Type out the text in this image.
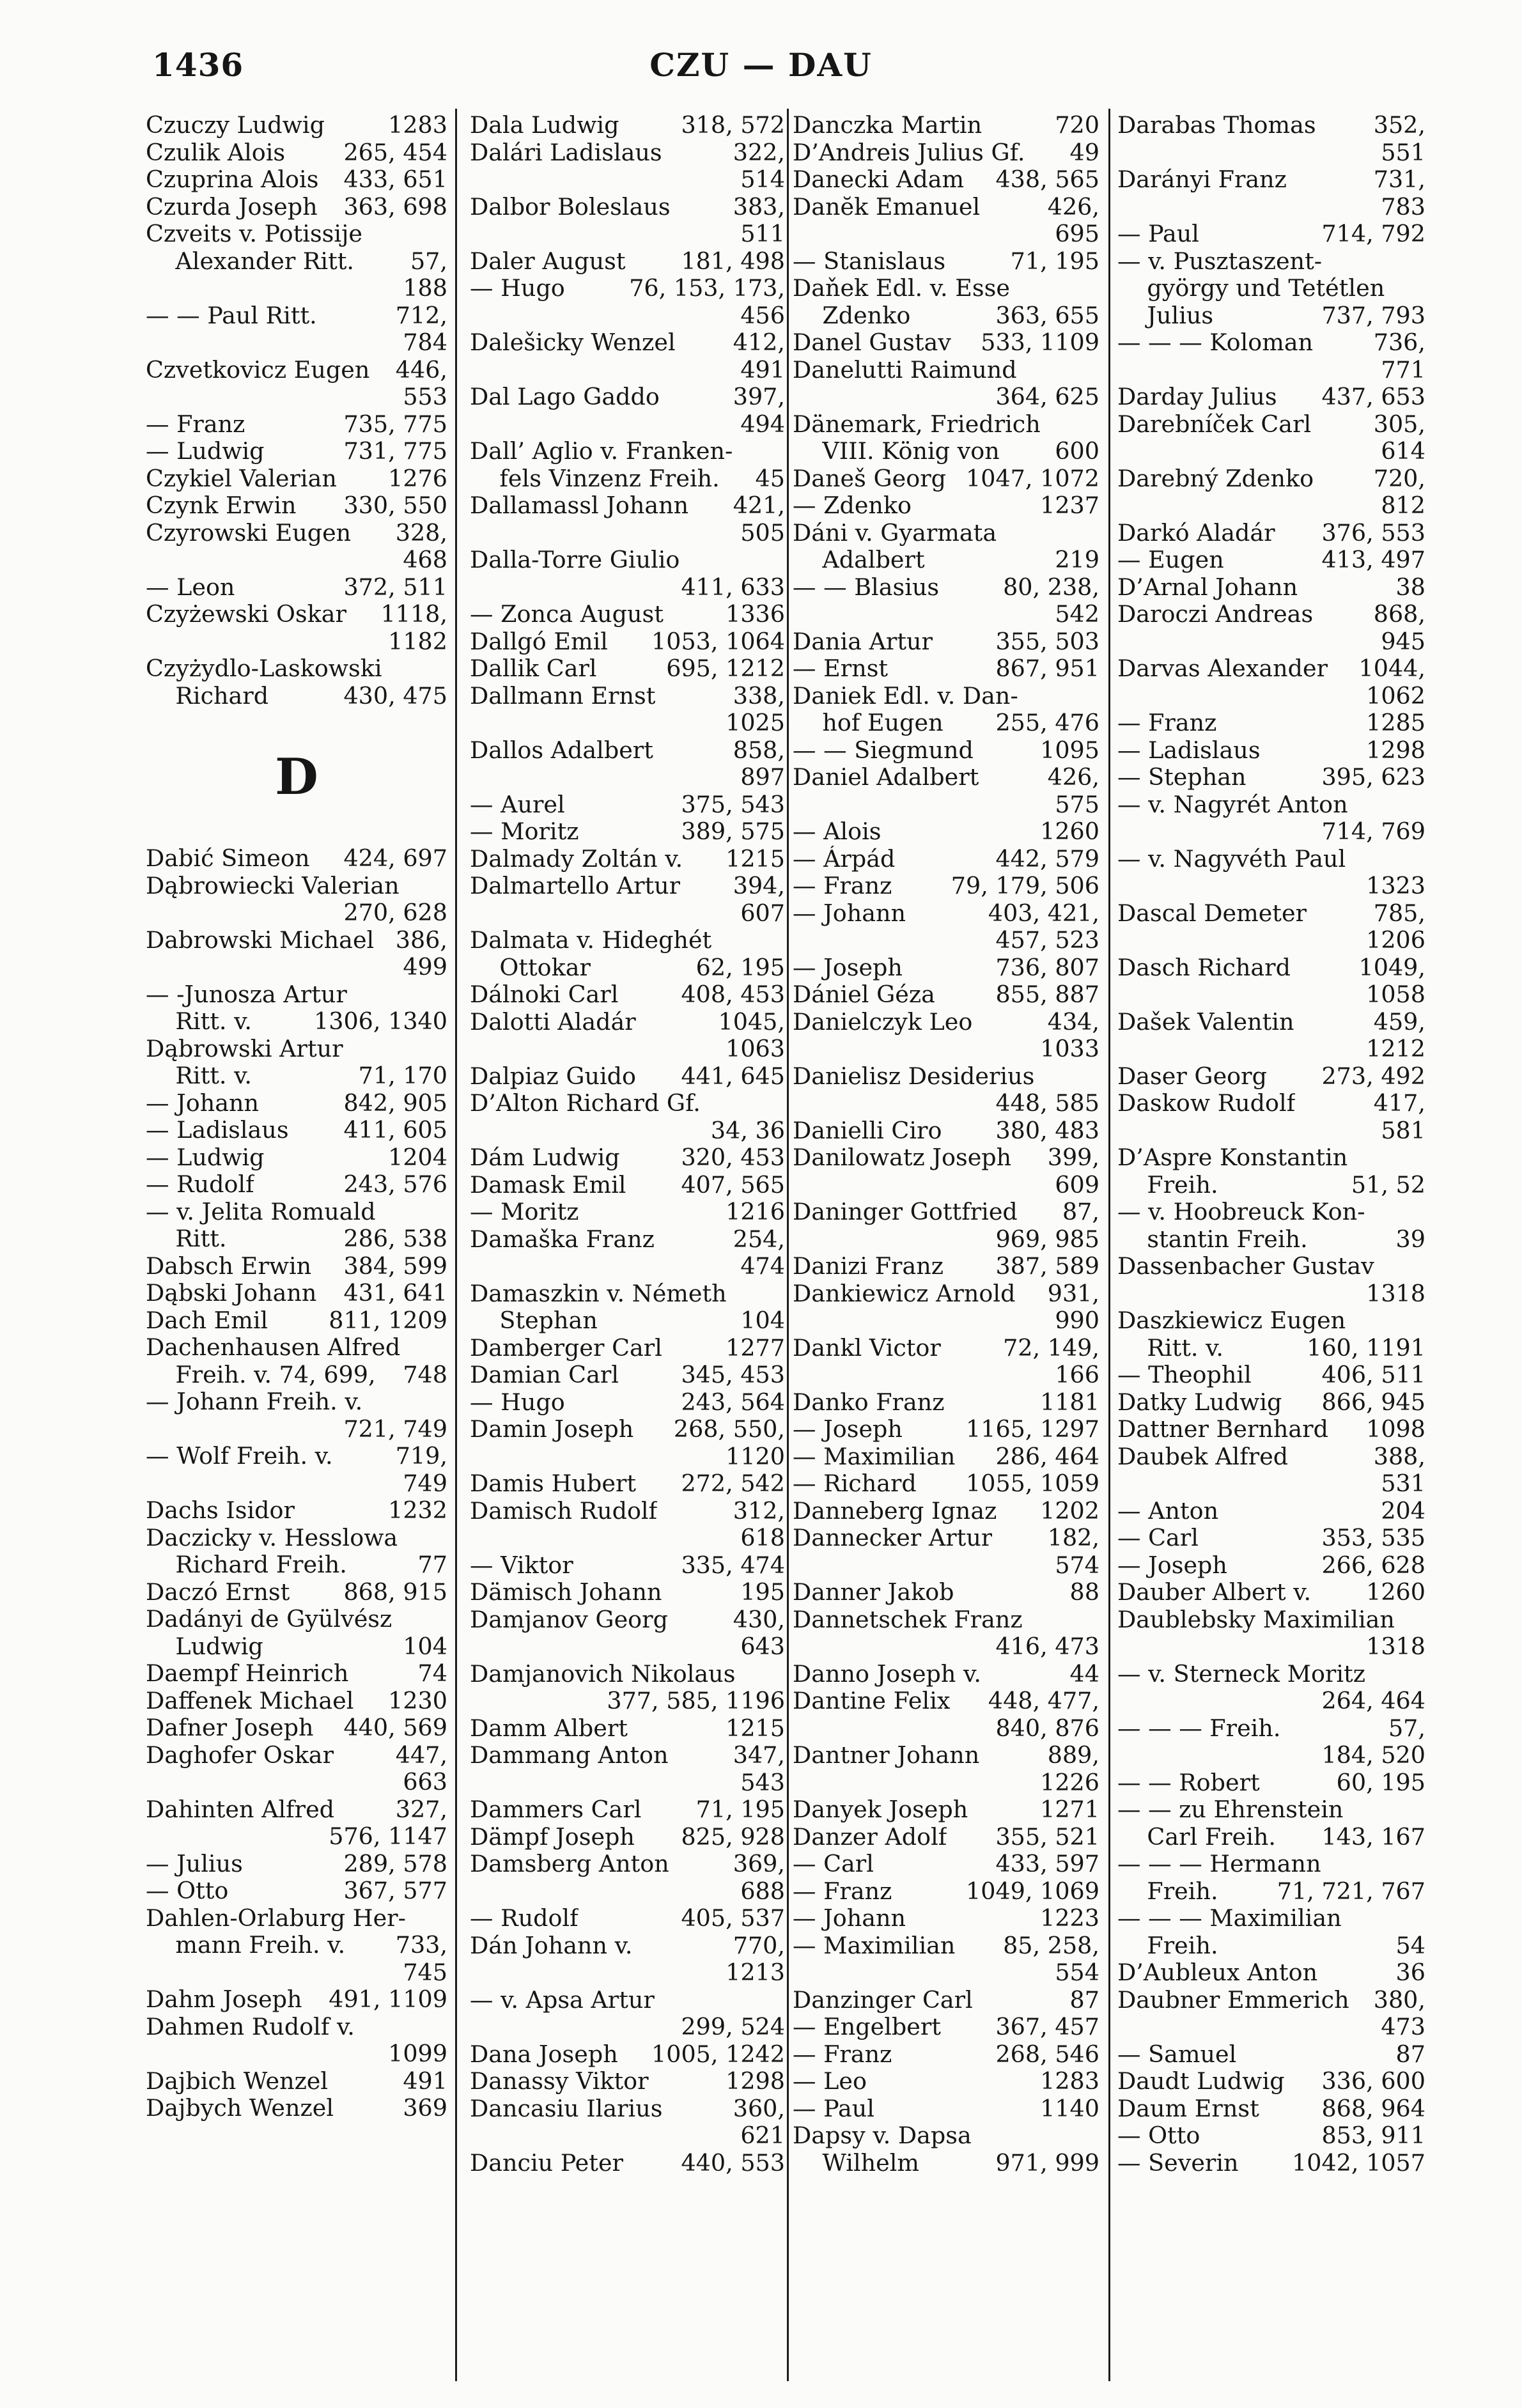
1436	CZU — DAU
Czuczy Ludwig	1283
Czulik Alois	265, 454
Czuprina Alois 433, 651
Czurda Joseph 363, 698
Czveits v. Potissije
Alexander Ritt. 57,
188
— — Paul Ritt.	712,
784
Czvetkovicz Eugen 446,
553
— Franz	735, 775
— Ludwig	731, 775
Czykiel Valerian 1276
Czynk Erwin 330, 550
Czyrowski Eugen 328,
468
— Leon	372, 511
Czyżewski Oskar 1118,
1182
Czyżydlo-Laskowski
Richard	430, 475
D
Dabić Simeon 424, 697
Dąbrowiecki Valerian
270, 628
Dabrowski Michael 386,
499
— -Junosza Artur
Ritt. v.	1306, 1340
Dąbrowski Artur
Ritt. v.	71, 170
— Johann	842, 905
— Ladislaus 411, 605
— Ludwig	1204
— Rudolf	243, 576
— v. Jelita Romuald
Ritt.	286, 538
Dabsch Erwin 384, 599
Dąbski Johann 431, 641
Dach Emil	811, 1209
Dachenhausen Alfred
Freih. v. 74, 699, 748
— Johann Freih. v.
721, 749
— Wolf Freih. v.	719,
749
Dachs Isidor	1232
Daczicky v. Hesslowa
Richard Freih.	77
Daczó Ernst 868, 915
Dadányi de Gyülvész
Ludwig	104
Daempf Heinrich	74
Daffenek Michael 1230
Dafner Joseph 440, 569
Daghofer Oskar	447,
663
Dahinten Alfred	327,
576, 1147
— Julius	289, 578
— Otto	367, 577
Dahlen-Orlaburg Her-
mann Freih. v. 733,
745
Dahm Joseph 491, 1109
Dahmen Rudolf v.
1099
Dajbich Wenzel	491
Dajbych Wenzel	369
Dala Ludwig	318, 572
Dalári Ladislaus	322,
514
Dalbor Boleslaus	383,
511
Daler August 181, 498
— Hugo	76, 153, 173,
456
Dalešicky Wenzel 412,
491
Dal Lago Gaddo	397,
494
Dall’ Aglio v. Franken-
fels Vinzenz Freih. 45
Dallamassl Johann 421,
505
Dalla-Torre Giulio
411, 633
— Zonca August	1336
Dallgó Emil 1053, 1064
Dallik Carl	695, 1212
Dallmann Ernst	338,
1025
Dallos Adalbert	858,
897
— Aurel	375, 543
— Moritz	389, 575
Dalmady Zoltán v. 1215
Dalmartello Artur 394,
607
Dalmata v. Hideghét
Ottokar	62, 195
Dálnoki Carl	408, 453
Dalotti Aladár	1045,
1063
Dalpiaz Guido 441, 645
D’Alton Richard Gf.
34, 36
Dám Ludwig	320, 453
Damask Emil 407, 565
— Moritz	1216
Damaška Franz	254,
474
Damaszkin v. Németh
Stephan	104
Damberger Carl	1277
Damian Carl	345, 453
— Hugo	243, 564
Damin Joseph 268, 550,
1120
Damis Hubert 272, 542
Damisch Rudolf	312,
618
— Viktor	335, 474
Dämisch Johann	195
Damjanov Georg	430,
643
Damjanovich Nikolaus
377, 585, 1196
Damm Albert	1215
Dammang Anton	347,
543
Dammers Carl 71, 195
Dämpf Joseph 825, 928
Damsberg Anton	369,
688
— Rudolf	405, 537
Dán Johann v.	770,
1213
— v. Apsa Artur
299, 524
Dana Joseph 1005, 1242
Danassy Viktor	1298
Dancasiu Ilarius	360,
621
Danciu Peter 440, 553
Danczka Martin	720
D’Andreis Julius Gf. 49
Danecki Adam 438, 565
Danĕk Emanuel	426,
695
— Stanislaus	71, 195
Daňek Edl. v. Esse
Zdenko	363, 655
Danel Gustav 533, 1109
Danelutti Raimund
364, 625
Dänemark, Friedrich
VIII. König von 600
Daneš Georg 1047, 1072
— Zdenko	1237
Dáni v. Gyarmata
Adalbert	219
— — Blasius	80, 238,
542
Dania Artur	355, 503
— Ernst	867, 951
Daniek Edl. v. Dan-
hof Eugen 255, 476
— — Siegmund	1095
Daniel Adalbert	426,
575
— Alois	1260
— Árpád	442, 579
— Franz	79, 179, 506
— Johann	403, 421,
457, 523
— Joseph	736, 807
Dániel Géza	855, 887
Danielczyk Leo	434,
1033
Danielisz Desiderius
448, 585
Danielli Ciro 380, 483
Danilowatz Joseph 399,
609
Daninger Gottfried 87,
969, 985
Danizi Franz 387, 589
Dankiewicz Arnold 931,
990
Dankl Victor	72, 149,
166
Danko Franz	1181
— Joseph	1165, 1297
— Maximilian 286, 464
— Richard 1055, 1059
Danneberg Ignaz 1202
Dannecker Artur 182,
574
Danner Jakob	88
Dannetschek Franz
416, 473
Danno Joseph v.	44
Dantine Felix 448, 477,
840, 876
Dantner Johann	889,
1226
Danyek Joseph	1271
Danzer Adolf 355, 521
— Carl	433, 597
— Franz	1049, 1069
— Johann	1223
— Maximilian 85, 258,
554
Danzinger Carl	87
— Engelbert 367, 457
— Franz	268, 546
— Leo	1283
— Paul	1140
Dapsy v. Dapsa
Wilhelm	971, 999
Darabas Thomas 352,
551
Darányi Franz	731,
783
— Paul	714, 792
— v. Pusztaszent-
györgy und Tetétlen
Julius	737, 793
— — — Koloman	736,
771
Darday Julius 437, 653
Darebníček Carl	305,
614
Darebný Zdenko	720,
812
Darkó Aladár 376, 553
— Eugen	413, 497
D’Arnal Johann	38
Daroczi Andreas	868,
945
Darvas Alexander 1044,
1062
— Franz	1285
— Ladislaus	1298
— Stephan	395, 623
— v. Nagyrét Anton
714, 769
— v. Nagyvéth Paul
1323
Dascal Demeter	785,
1206
Dasch Richard	1049,
1058
Dašek Valentin	459,
1212
Daser Georg 273, 492
Daskow Rudolf	417,
581
D’Aspre Konstantin
Freih.	51, 52
— v. Hoobreuck Kon-
stantin Freih.	39
Dassenbacher Gustav
1318
Daszkiewicz Eugen
Ritt. v.	160, 1191
— Theophil	406, 511
Datky Ludwig 866, 945
Dattner Bernhard 1098
Daubek Alfred	388,
531
— Anton	204
— Carl	353, 535
— Joseph	266, 628
Dauber Albert v. 1260
Daublebsky Maximilian
1318
— v. Sterneck Moritz
264, 464
— — — Freih.	57,
184, 520
— — Robert	60, 195
— — zu Ehrenstein
Carl Freih. 143, 167
— — — Hermann
Freih.	71, 721, 767
— — — Maximilian
Freih.	54
D’Aubleux Anton	36
Daubner Emmerich 380,
473
— Samuel	87
Daudt Ludwig 336, 600
Daum Ernst	868, 964
— Otto	853, 911
— Severin 1042, 1057
